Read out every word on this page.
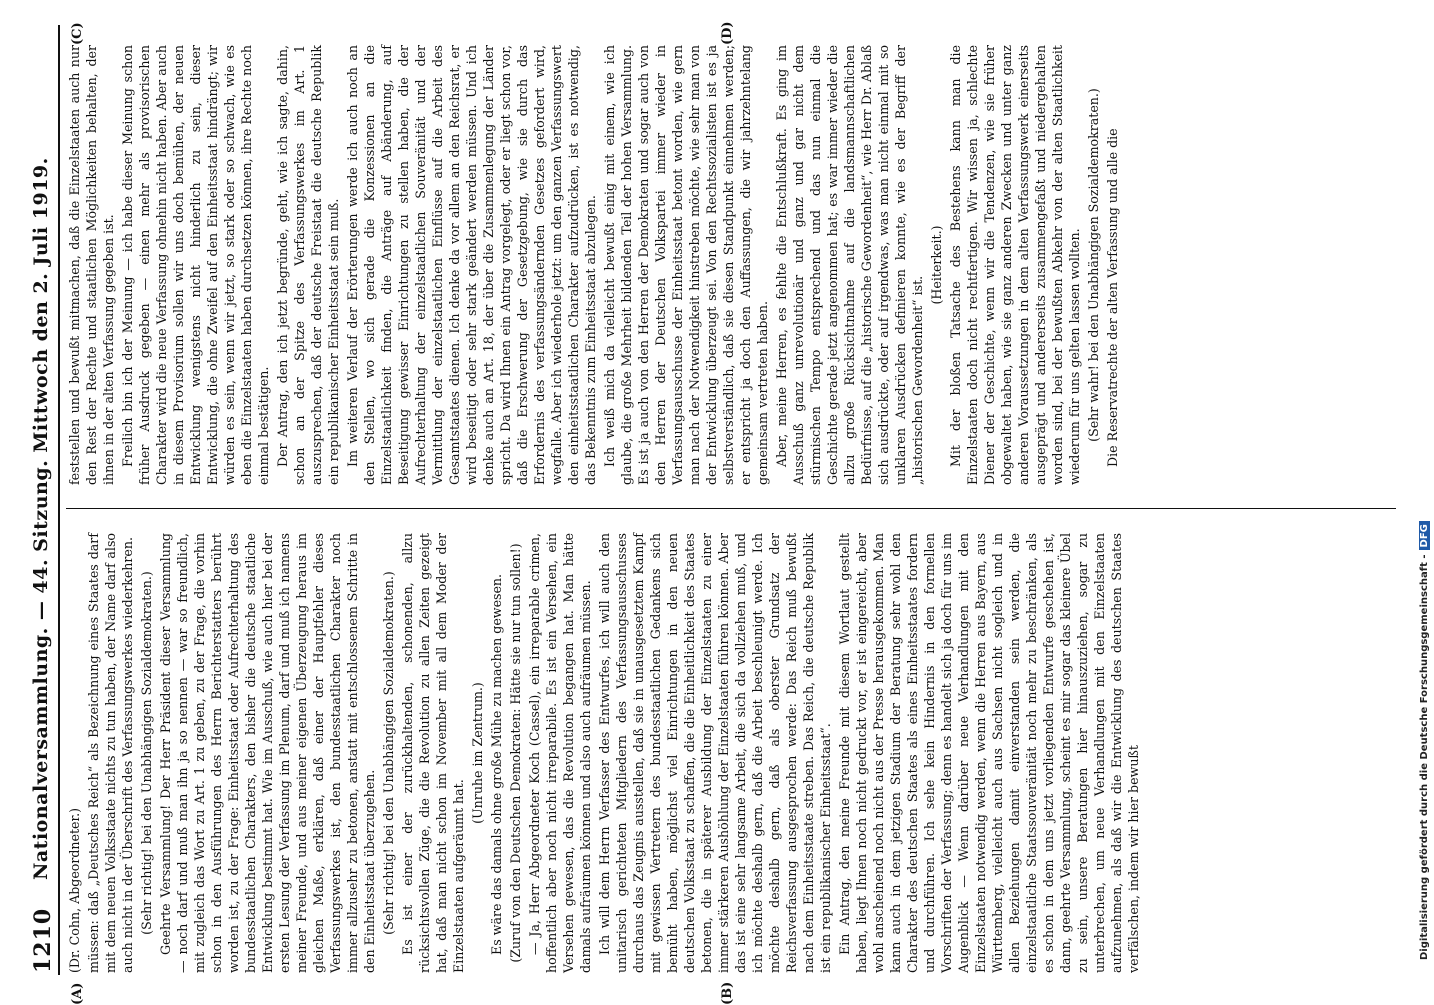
1210
Nationalversammlung. — 44. Sitzung. Mittwoch den 2. Juli 1919.
(A)	(B)
(C)	(D)

(Dr. Cohn, Abgeordneter.) müssen: daß „Deutsches Reich“ als Bezeichnung eines Staates darf mit dem neuen Volksstaate nichts zu tun haben, der Name darf also auch nicht in der Überschrift des Verfassungswerkes wiederkehren. (Sehr richtig! bei den Unabhängigen Sozialdemokraten.) Geehrte Versammlung! Der Herr Präsident dieser Versammlung — noch darf und muß man ihn ja so nennen — war so freundlich, mit zugleich das Wort zu Art. 1 zu geben, zu der Frage, die vorhin schon in den Ausführungen des Herrn Berichterstatters berührt worden ist, zu der Frage: Einheitsstaat oder Aufrechterhaltung des bundesstaatlichen Charakters, den bisher die deutsche staatliche Entwicklung bestimmt hat. Wie im Ausschuß, wie auch hier bei der ersten Lesung der Verfassung im Plenum, darf und muß ich namens meiner Freunde, und aus meiner eigenen Überzeugung heraus im gleichen Maße, erklären, daß einer der Hauptfehler dieses Verfassungswerkes ist, den bundesstaatlichen Charakter noch immer allzusehr zu betonen, anstatt mit entschlossenem Schritte in den Einheitsstaat überzugehen. (Sehr richtig! bei den Unabhängigen Sozialdemokraten.) Es ist einer der zurückhaltenden, schonenden, allzu rücksichtsvollen Züge, die die Revolution zu allen Zeiten gezeigt hat, daß man nicht schon im November mit all dem Moder der Einzelstaaten aufgeräumt hat.

(Unruhe im Zentrum.) Es wäre das damals ohne große Mühe zu machen gewesen. (Zuruf von den Deutschen Demokraten: Hätte sie nur tun sollen!) — Ja, Herr Abgeordneter Koch (Cassel), ein irreparable crimen, hoffentlich aber noch nicht irreparabile. Es ist ein Versehen, ein Versehen gewesen, das die Revolution begangen hat. Man hätte damals aufräumen können und also auch aufräumen müssen. Ich will dem Herrn Verfasser des Entwurfes, ich will auch den unitarisch gerichteten Mitgliedern des Verfassungsausschusses durchaus das Zeugnis ausstellen, daß sie in unausgesetztem Kampf mit gewissen Vertretern des bundesstaatlichen Gedankens sich bemüht haben, möglichst viel Einrichtungen in den neuen deutschen Volksstaat zu schaffen, die die Einheitlichkeit des Staates betonen, die in späterer Ausbildung der Einzelstaaten zu einer immer stärkeren Aushöhlung der Einzelstaaten führen können. Aber das ist eine sehr langsame Arbeit, die sich da vollziehen muß, und ich möchte deshalb gern, daß die Arbeit beschleunigt werde. Ich möchte deshalb gern, daß als oberster Grundsatz der Reichsverfassung ausgesprochen werde: Das Reich muß bewußt nach dem Einheitsstaate streben. Das Reich, die deutsche Republik ist ein republikanischer Einheitsstaat“. Ein Antrag, den meine Freunde mit diesem Wortlaut gestellt haben, liegt Ihnen noch nicht gedruckt vor, er ist eingereicht, aber wohl anscheinend noch nicht aus der Presse herausgekommen. Man kann auch in dem jetzigen Stadium der Beratung sehr wohl den Charakter des deutschen Staates als eines Einheitsstaates fordern und durchführen. Ich sehe kein Hindernis in den formellen Vorschriften der Verfassung; denn es handelt sich ja doch für uns im Augenblick — Wenn darüber neue Verhandlungen mit den Einzelstaaten notwendig werden, wenn die Herren aus Bayern, aus Württemberg, vielleicht auch aus Sachsen nicht sogleich und in allen Beziehungen damit einverstanden sein werden, die einzelstaatliche Staatssouveränität noch mehr zu beschränken, als es schon in dem uns jetzt vorliegenden Entwurfe geschehen ist, dann, geehrte Versammlung, scheint es mir sogar das kleinere Übel zu sein, unsere Beratungen hier hinauszuziehen, sogar zu unterbrechen, um neue Verhandlungen mit den Einzelstaaten aufzunehmen, als daß wir die Entwicklung des deutschen Staates verfälschen, indem wir hier bewußt

feststellen und bewußt mitmachen, daß die Einzelstaaten auch nur den Rest der Rechte und staatlichen Möglichkeiten behalten, der ihnen in der alten Verfassung gegeben ist. Freilich bin ich der Meinung — ich habe dieser Meinung schon früher Ausdruck gegeben — einen mehr als provisorischen Charakter wird die neue Verfassung ohnehin nicht haben. Aber auch in diesem Provisorium sollen wir uns doch bemühen, der neuen Entwicklung wenigstens nicht hinderlich zu sein, dieser Entwicklung, die ohne Zweifel auf den Einheitsstaat hindrängt; wir würden es sein, wenn wir jetzt, so stark oder so schwach, wie es eben die Einzelstaaten haben durchsetzen können, ihre Rechte noch einmal bestätigen. Der Antrag, den ich jetzt begründe, geht, wie ich sagte, dahin, schon an der Spitze des Verfassungswerkes im Art. 1 auszusprechen, daß der deutsche Freistaat die deutsche Republik ein republikanischer Einheitsstaat sein muß. Im weiteren Verlauf der Erörterungen werde ich auch noch an den Stellen, wo sich gerade die Konzessionen an die Einzelstaatlichkeit finden, die Anträge auf Abänderung, auf Beseitigung gewisser Einrichtungen zu stellen haben, die der Aufrechterhaltung der einzelstaatlichen Souveränität und der Vermittlung der einzelstaatlichen Einflüsse auf die Arbeit des Gesamtstaates dienen. Ich denke da vor allem an den Reichsrat, er wird beseitigt oder sehr stark geändert werden müssen. Und ich denke auch an Art. 18, der über die Zusammenlegung der Länder spricht. Da wird Ihnen ein Antrag vorgelegt, oder er liegt schon vor, daß die Erschwerung der Gesetzgebung, wie sie durch das Erfordernis des verfassungsändernden Gesetzes gefordert wird, wegfalle. Aber ich wiederhole jetzt: um den ganzen Verfassungswert den einheitsstaatlichen Charakter aufzudrücken, ist es notwendig, das Bekenntnis zum Einheitsstaat abzulegen. Ich weiß mich da vielleicht bewußt einig mit einem, wie ich glaube, die große Mehrheit bildenden Teil der hohen Versammlung. Es ist ja auch von den Herren der Demokraten und sogar auch von den Herren der Deutschen Volkspartei immer wieder in Verfassungsausschusse der Einheitsstaat betont worden, wie gern man nach der Notwendigkeit hinstreben möchte, wie sehr man von der Entwicklung überzeugt sei. Von den Rechtssozialisten ist es ja selbstverständlich, daß sie diesen Standpunkt einnehmen werden; er entspricht ja doch den Auffassungen, die wir jahrzehntelang gemeinsam vertreten haben. Aber, meine Herren, es fehlte die Entschlußkraft. Es ging im Ausschuß ganz unrevolutionär und ganz und gar nicht dem stürmischen Tempo entsprechend und das nun einmal die Geschichte gerade jetzt angenommen hat; es war immer wieder die allzu große Rücksichtnahme auf die landsmannschaftlichen Bedürfnisse, auf die „historische Gewordenheit“, wie Herr Dr. Ablaß sich ausdrückte, oder auf irgendwas, was man nicht einmal mit so unklaren Ausdrücken definieren konnte, wie es der Begriff der „historischen Gewordenheit“ ist.

(Heiterkeit.) Mit der bloßen Tatsache des Bestehens kann man die Einzelstaaten doch nicht rechtfertigen. Wir wissen ja, schlechte Diener der Geschichte, wenn wir die Tendenzen, wie sie früher obgewaltet haben, wie sie ganz anderen Zwecken und unter ganz anderen Voraussetzungen in dem alten Verfassungswerk einerseits ausgeprägt und andererseits zusammengefaßt und niedergehalten worden sind, bei der bewußten Abkehr von der alten Staatlichkeit wiederum für uns gelten lassen wollten. (Sehr wahr! bei den Unabhängigen Sozialdemokraten.) Die Reservatrechte der alten Verfassung und alle die

Digitalisierung gefördert durch die Deutsche Forschungsgemeinschaft -DFG
